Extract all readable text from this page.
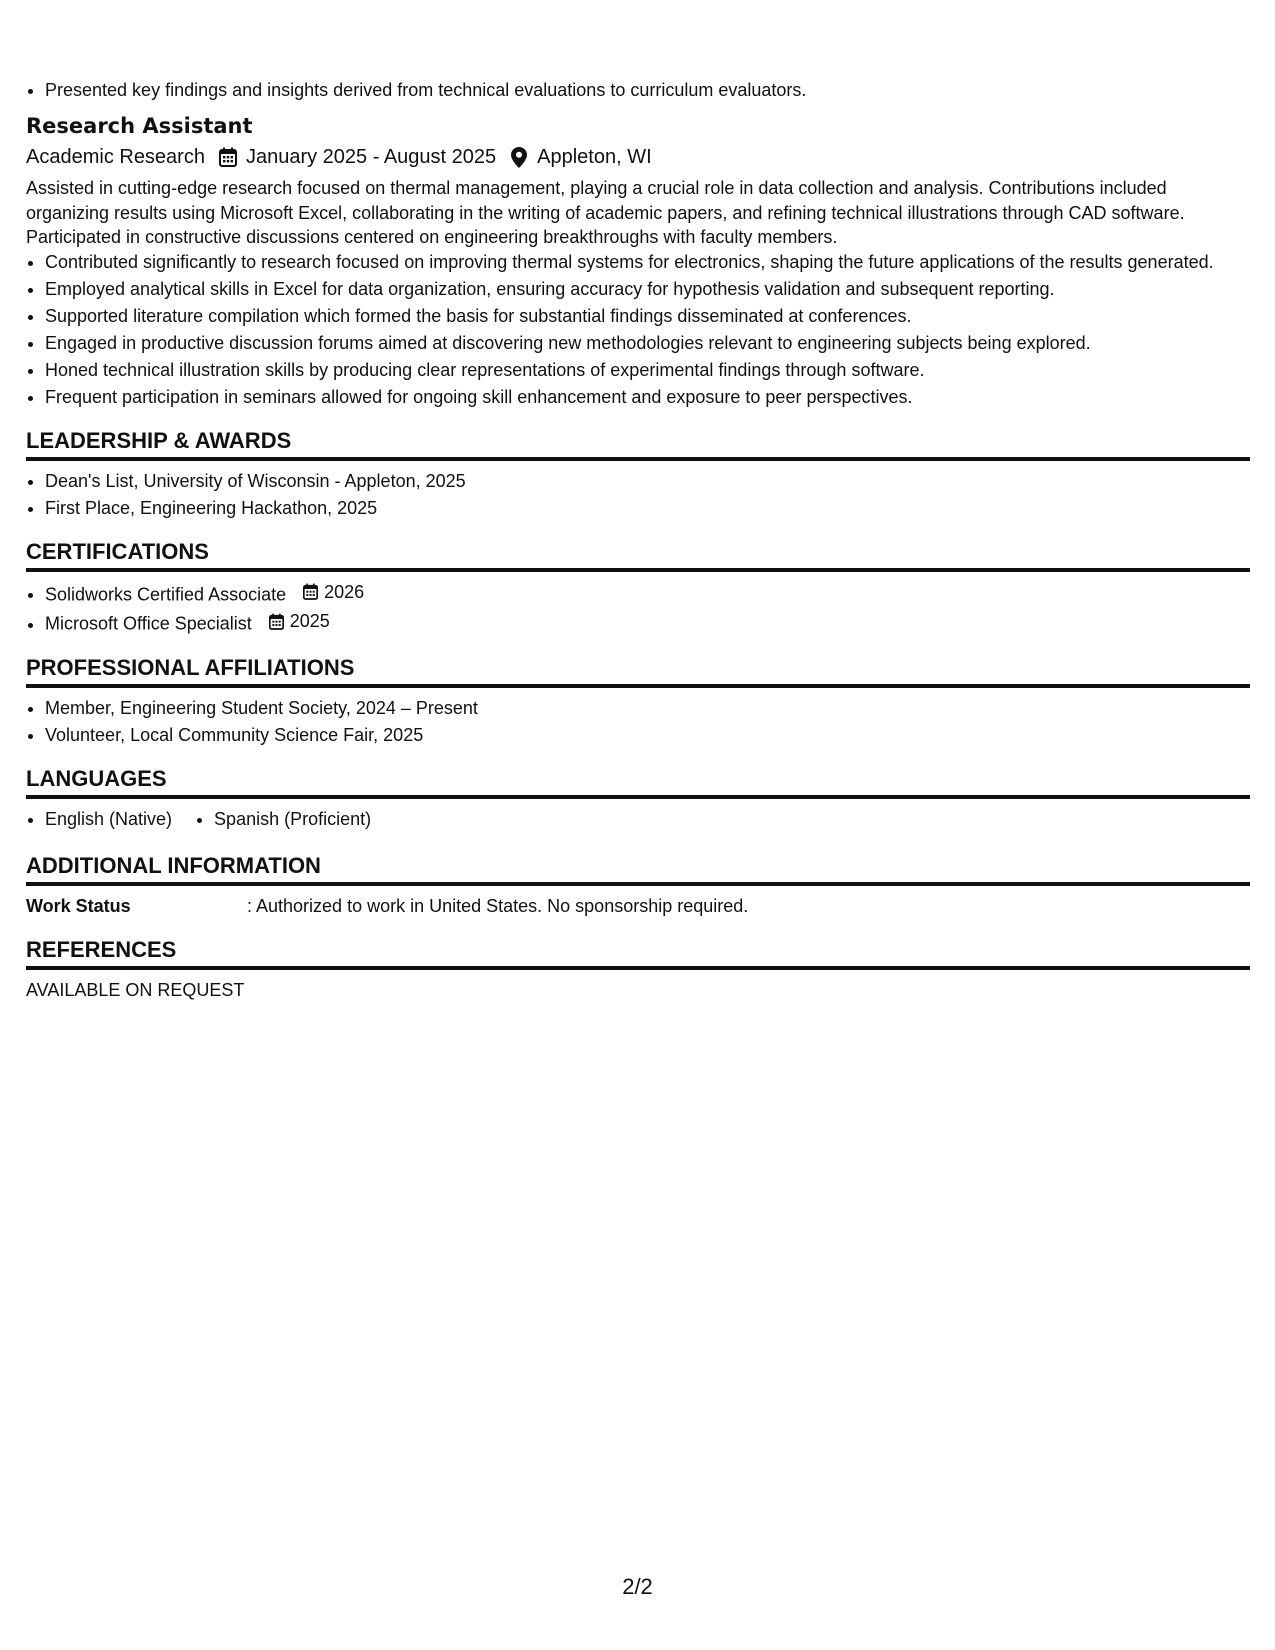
• Presented key findings and insights derived from technical evaluations to curriculum evaluators.
Research Assistant
Academic Research January 2025 - August 2025 Appleton, WI

Assisted in cutting-edge research focused on thermal management, playing a crucial role in data collection and analysis. Contributions included organizing results using Microsoft Excel, collaborating in the writing of academic papers, and refining technical illustrations through CAD software. Participated in constructive discussions centered on engineering breakthroughs with faculty members.

• Contributed significantly to research focused on improving thermal systems for electronics, shaping the future applications of the results generated.
• Employed analytical skills in Excel for data organization, ensuring accuracy for hypothesis validation and subsequent reporting.
• Supported literature compilation which formed the basis for substantial findings disseminated at conferences.
• Engaged in productive discussion forums aimed at discovering new methodologies relevant to engineering subjects being explored.
• Honed technical illustration skills by producing clear representations of experimental findings through software.
• Frequent participation in seminars allowed for ongoing skill enhancement and exposure to peer perspectives.
LEADERSHIP & AWARDS
• Dean's List, University of Wisconsin - Appleton, 2025
• First Place, Engineering Hackathon, 2025
CERTIFICATIONS
• Solidworks Certified Associate 2026
• Microsoft Office Specialist 2025
PROFESSIONAL AFFILIATIONS
• Member, Engineering Student Society, 2024 – Present
• Volunteer, Local Community Science Fair, 2025
LANGUAGES
• English (Native)
• Spanish (Proficient)
ADDITIONAL INFORMATION
Work Status	: Authorized to work in United States. No sponsorship required.
REFERENCES
AVAILABLE ON REQUEST
2/2
